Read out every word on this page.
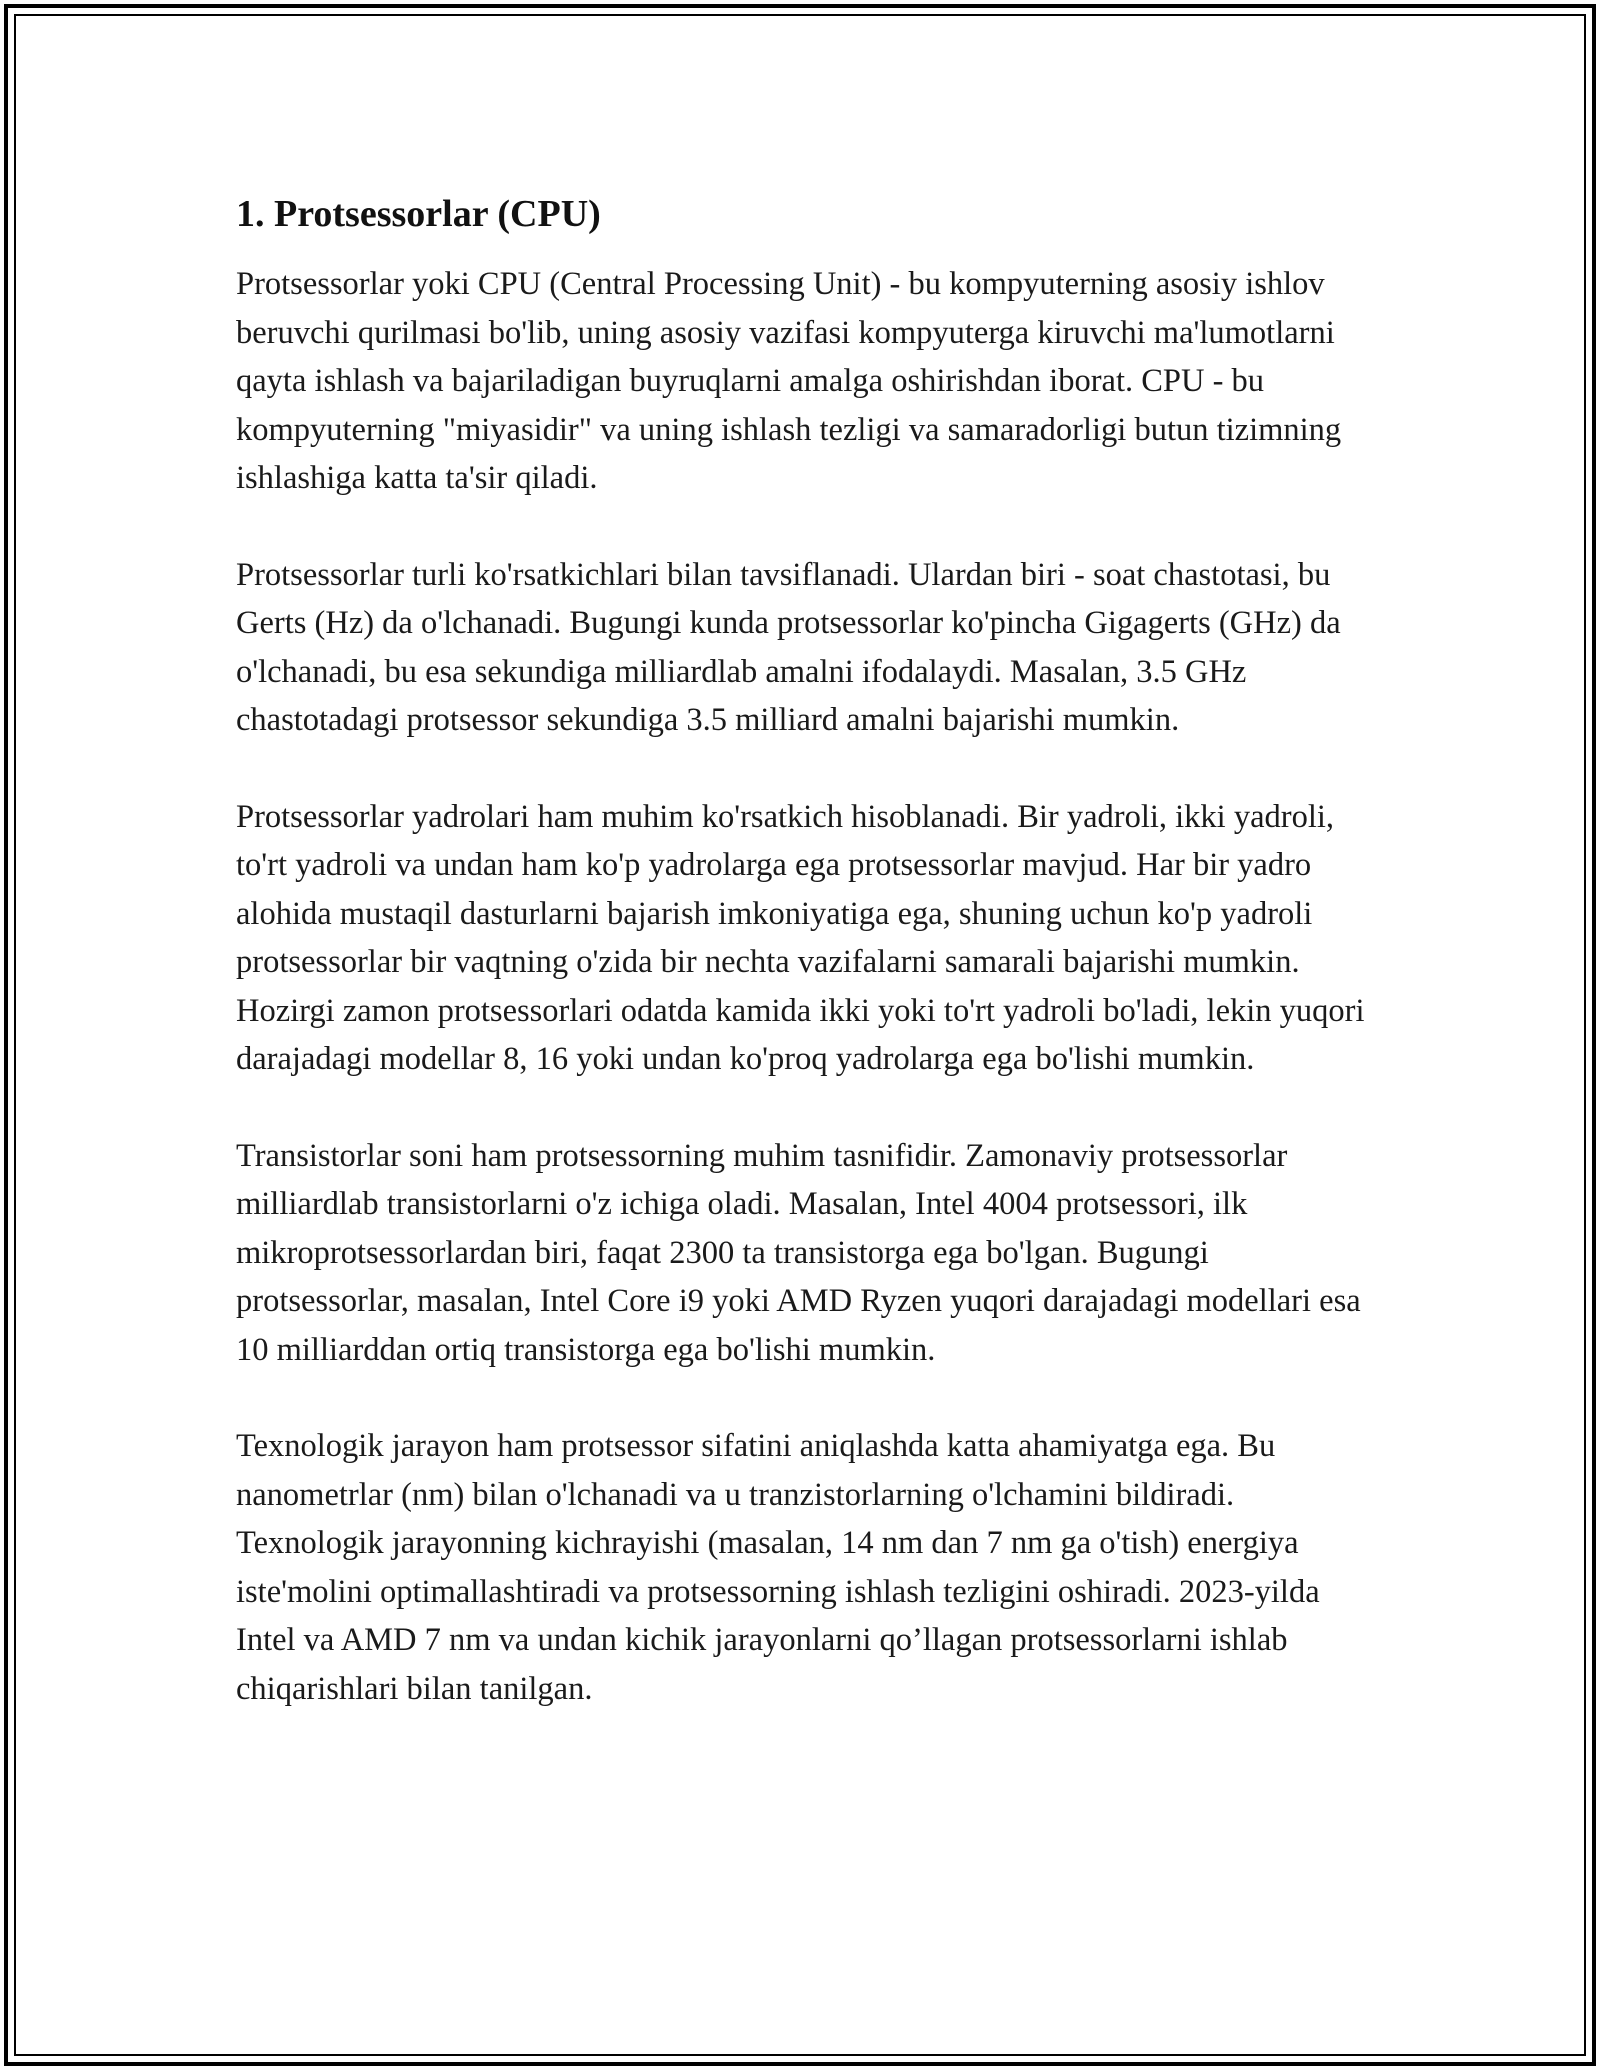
1. Protsessorlar (CPU)

Protsessorlar yoki CPU (Central Processing Unit) - bu kompyuterning asosiy ishlov beruvchi qurilmasi bo'lib, uning asosiy vazifasi kompyuterga kiruvchi ma'lumotlarni qayta ishlash va bajariladigan buyruqlarni amalga oshirishdan iborat. CPU - bu kompyuterning "miyasidir" va uning ishlash tezligi va samaradorligi butun tizimning ishlashiga katta ta'sir qiladi.

Protsessorlar turli ko'rsatkichlari bilan tavsiflanadi. Ulardan biri - soat chastotasi, bu Gerts (Hz) da o'lchanadi. Bugungi kunda protsessorlar ko'pincha Gigagerts (GHz) da o'lchanadi, bu esa sekundiga milliardlab amalni ifodalaydi. Masalan, 3.5 GHz chastotadagi protsessor sekundiga 3.5 milliard amalni bajarishi mumkin.

Protsessorlar yadrolari ham muhim ko'rsatkich hisoblanadi. Bir yadroli, ikki yadroli, to'rt yadroli va undan ham ko'p yadrolarga ega protsessorlar mavjud. Har bir yadro alohida mustaqil dasturlarni bajarish imkoniyatiga ega, shuning uchun ko'p yadroli protsessorlar bir vaqtning o'zida bir nechta vazifalarni samarali bajarishi mumkin. Hozirgi zamon protsessorlari odatda kamida ikki yoki to'rt yadroli bo'ladi, lekin yuqori darajadagi modellar 8, 16 yoki undan ko'proq yadrolarga ega bo'lishi mumkin.

Transistorlar soni ham protsessorning muhim tasnifidir. Zamonaviy protsessorlar milliardlab transistorlarni o'z ichiga oladi. Masalan, Intel 4004 protsessori, ilk mikroprotsessorlardan biri, faqat 2300 ta transistorga ega bo'lgan. Bugungi protsessorlar, masalan, Intel Core i9 yoki AMD Ryzen yuqori darajadagi modellari esa 10 milliarddan ortiq transistorga ega bo'lishi mumkin.

Texnologik jarayon ham protsessor sifatini aniqlashda katta ahamiyatga ega. Bu nanometrlar (nm) bilan o'lchanadi va u tranzistorlarning o'lchamini bildiradi. Texnologik jarayonning kichrayishi (masalan, 14 nm dan 7 nm ga o'tish) energiya iste'molini optimallashtiradi va protsessorning ishlash tezligini oshiradi. 2023-yilda Intel va AMD 7 nm va undan kichik jarayonlarni qo’llagan protsessorlarni ishlab chiqarishlari bilan tanilgan.
